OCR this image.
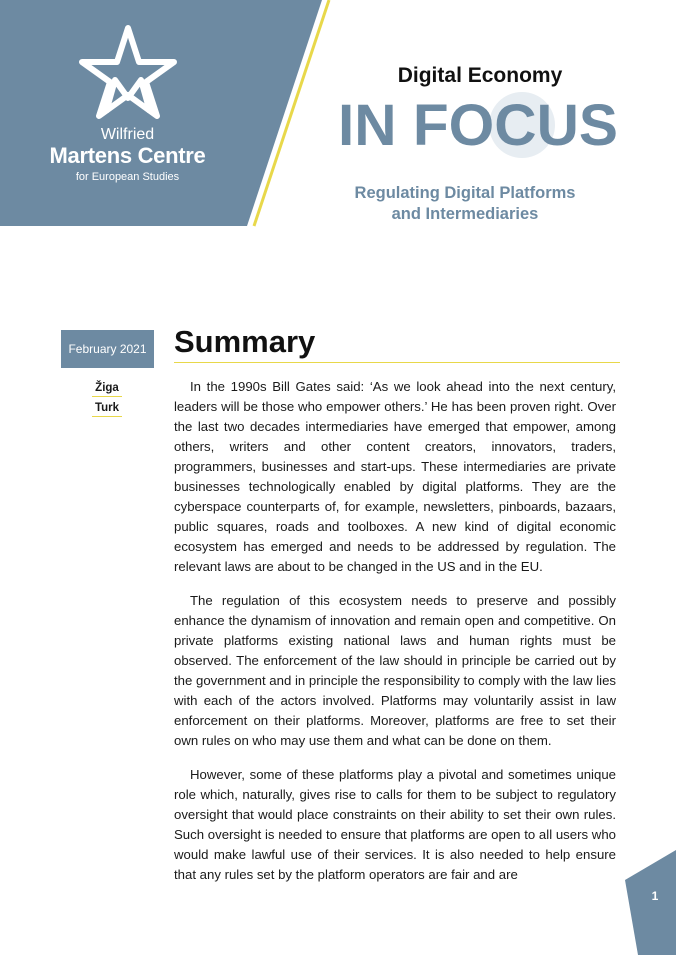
Wilfried
Martens Centre
for European Studies
Digital Economy
IN FOCUS
Regulating Digital Platforms
and Intermediaries
February 2021
Žiga
Turk
Summary

In the 1990s Bill Gates said: ‘As we look ahead into the next century, leaders will be those who empower others.’ He has been proven right. Over the last two decades intermediaries have emerged that empower, among others, writers and other content creators, innovators, traders, programmers, businesses and start-ups. These intermediaries are private businesses technologically enabled by digital platforms. They are the cyberspace counterparts of, for example, newsletters, pinboards, bazaars, public squares, roads and toolboxes. A new kind of digital economic ecosystem has emerged and needs to be addressed by regulation. The relevant laws are about to be changed in the US and in the EU.

The regulation of this ecosystem needs to preserve and possibly enhance the dynamism of innovation and remain open and competitive. On private platforms existing national laws and human rights must be observed. The enforcement of the law should in principle be carried out by the government and in principle the responsibility to comply with the law lies with each of the actors involved. Platforms may voluntarily assist in law enforcement on their platforms. Moreover, platforms are free to set their own rules on who may use them and what can be done on them.

However, some of these platforms play a pivotal and sometimes unique role which, naturally, gives rise to calls for them to be subject to regulatory oversight that would place constraints on their ability to set their own rules. Such oversight is needed to ensure that platforms are open to all users who would make lawful use of their services. It is also needed to help ensure that any rules set by the platform operators are fair and are

1
